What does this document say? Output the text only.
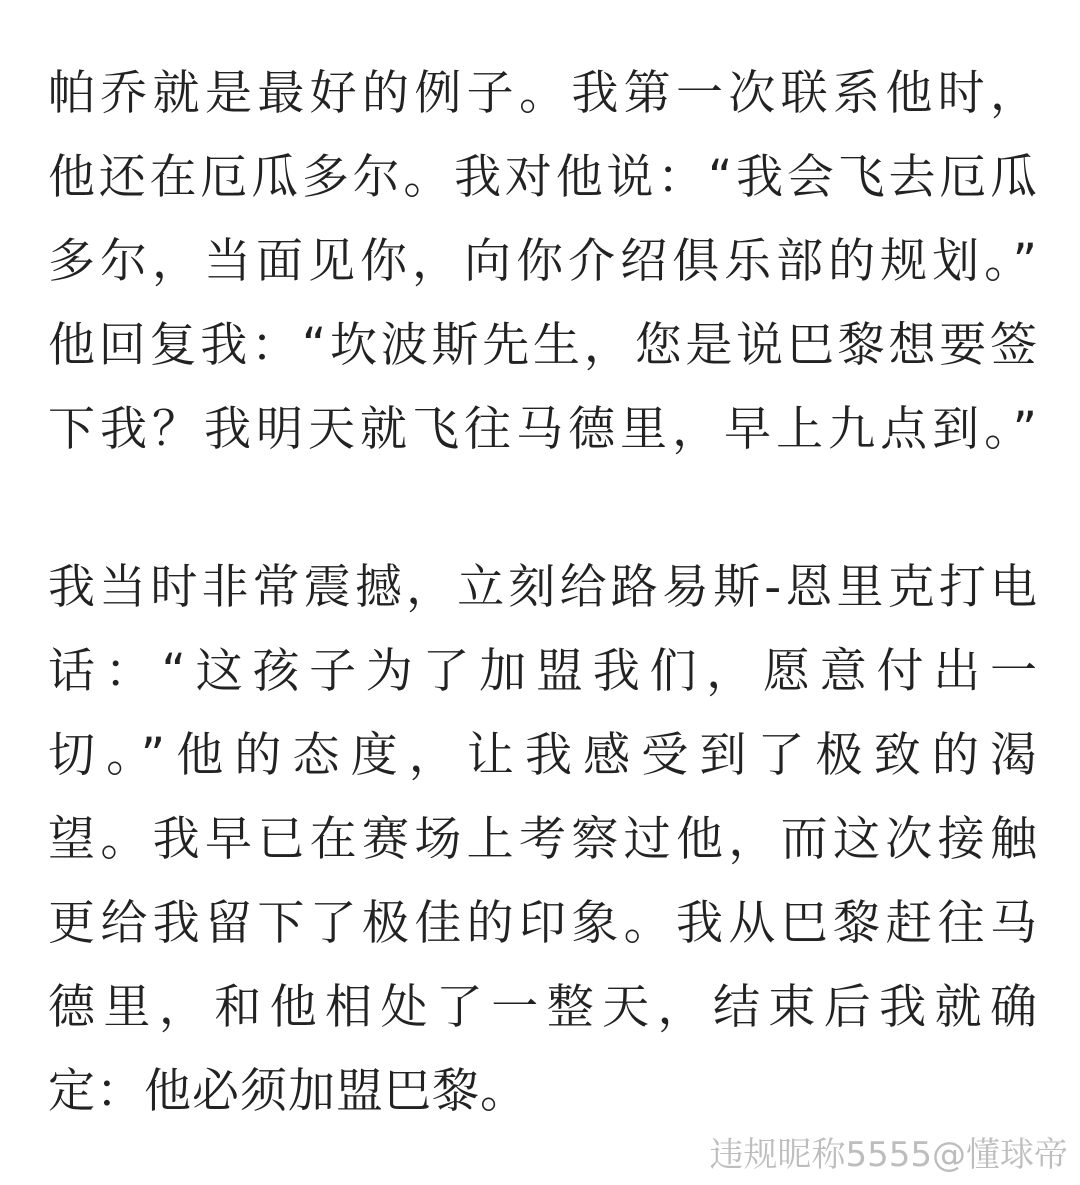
帕乔就是最好的例子。我第一次联系他时，
他还在厄瓜多尔。我对他说：“我会飞去厄瓜
多尔，当面见你，向你介绍俱乐部的规划。”
他回复我：“坎波斯先生，您是说巴黎想要签
下我？我明天就飞往马德里，早上九点到。”

我当时非常震撼，立刻给路易斯-恩里克打电
话：“这孩子为了加盟我们，愿意付出一
切。”他的态度，让我感受到了极致的渴
望。我早已在赛场上考察过他，而这次接触
更给我留下了极佳的印象。我从巴黎赶往马
德里，和他相处了一整天，结束后我就确
定：他必须加盟巴黎。

违规昵称5555@懂球帝
